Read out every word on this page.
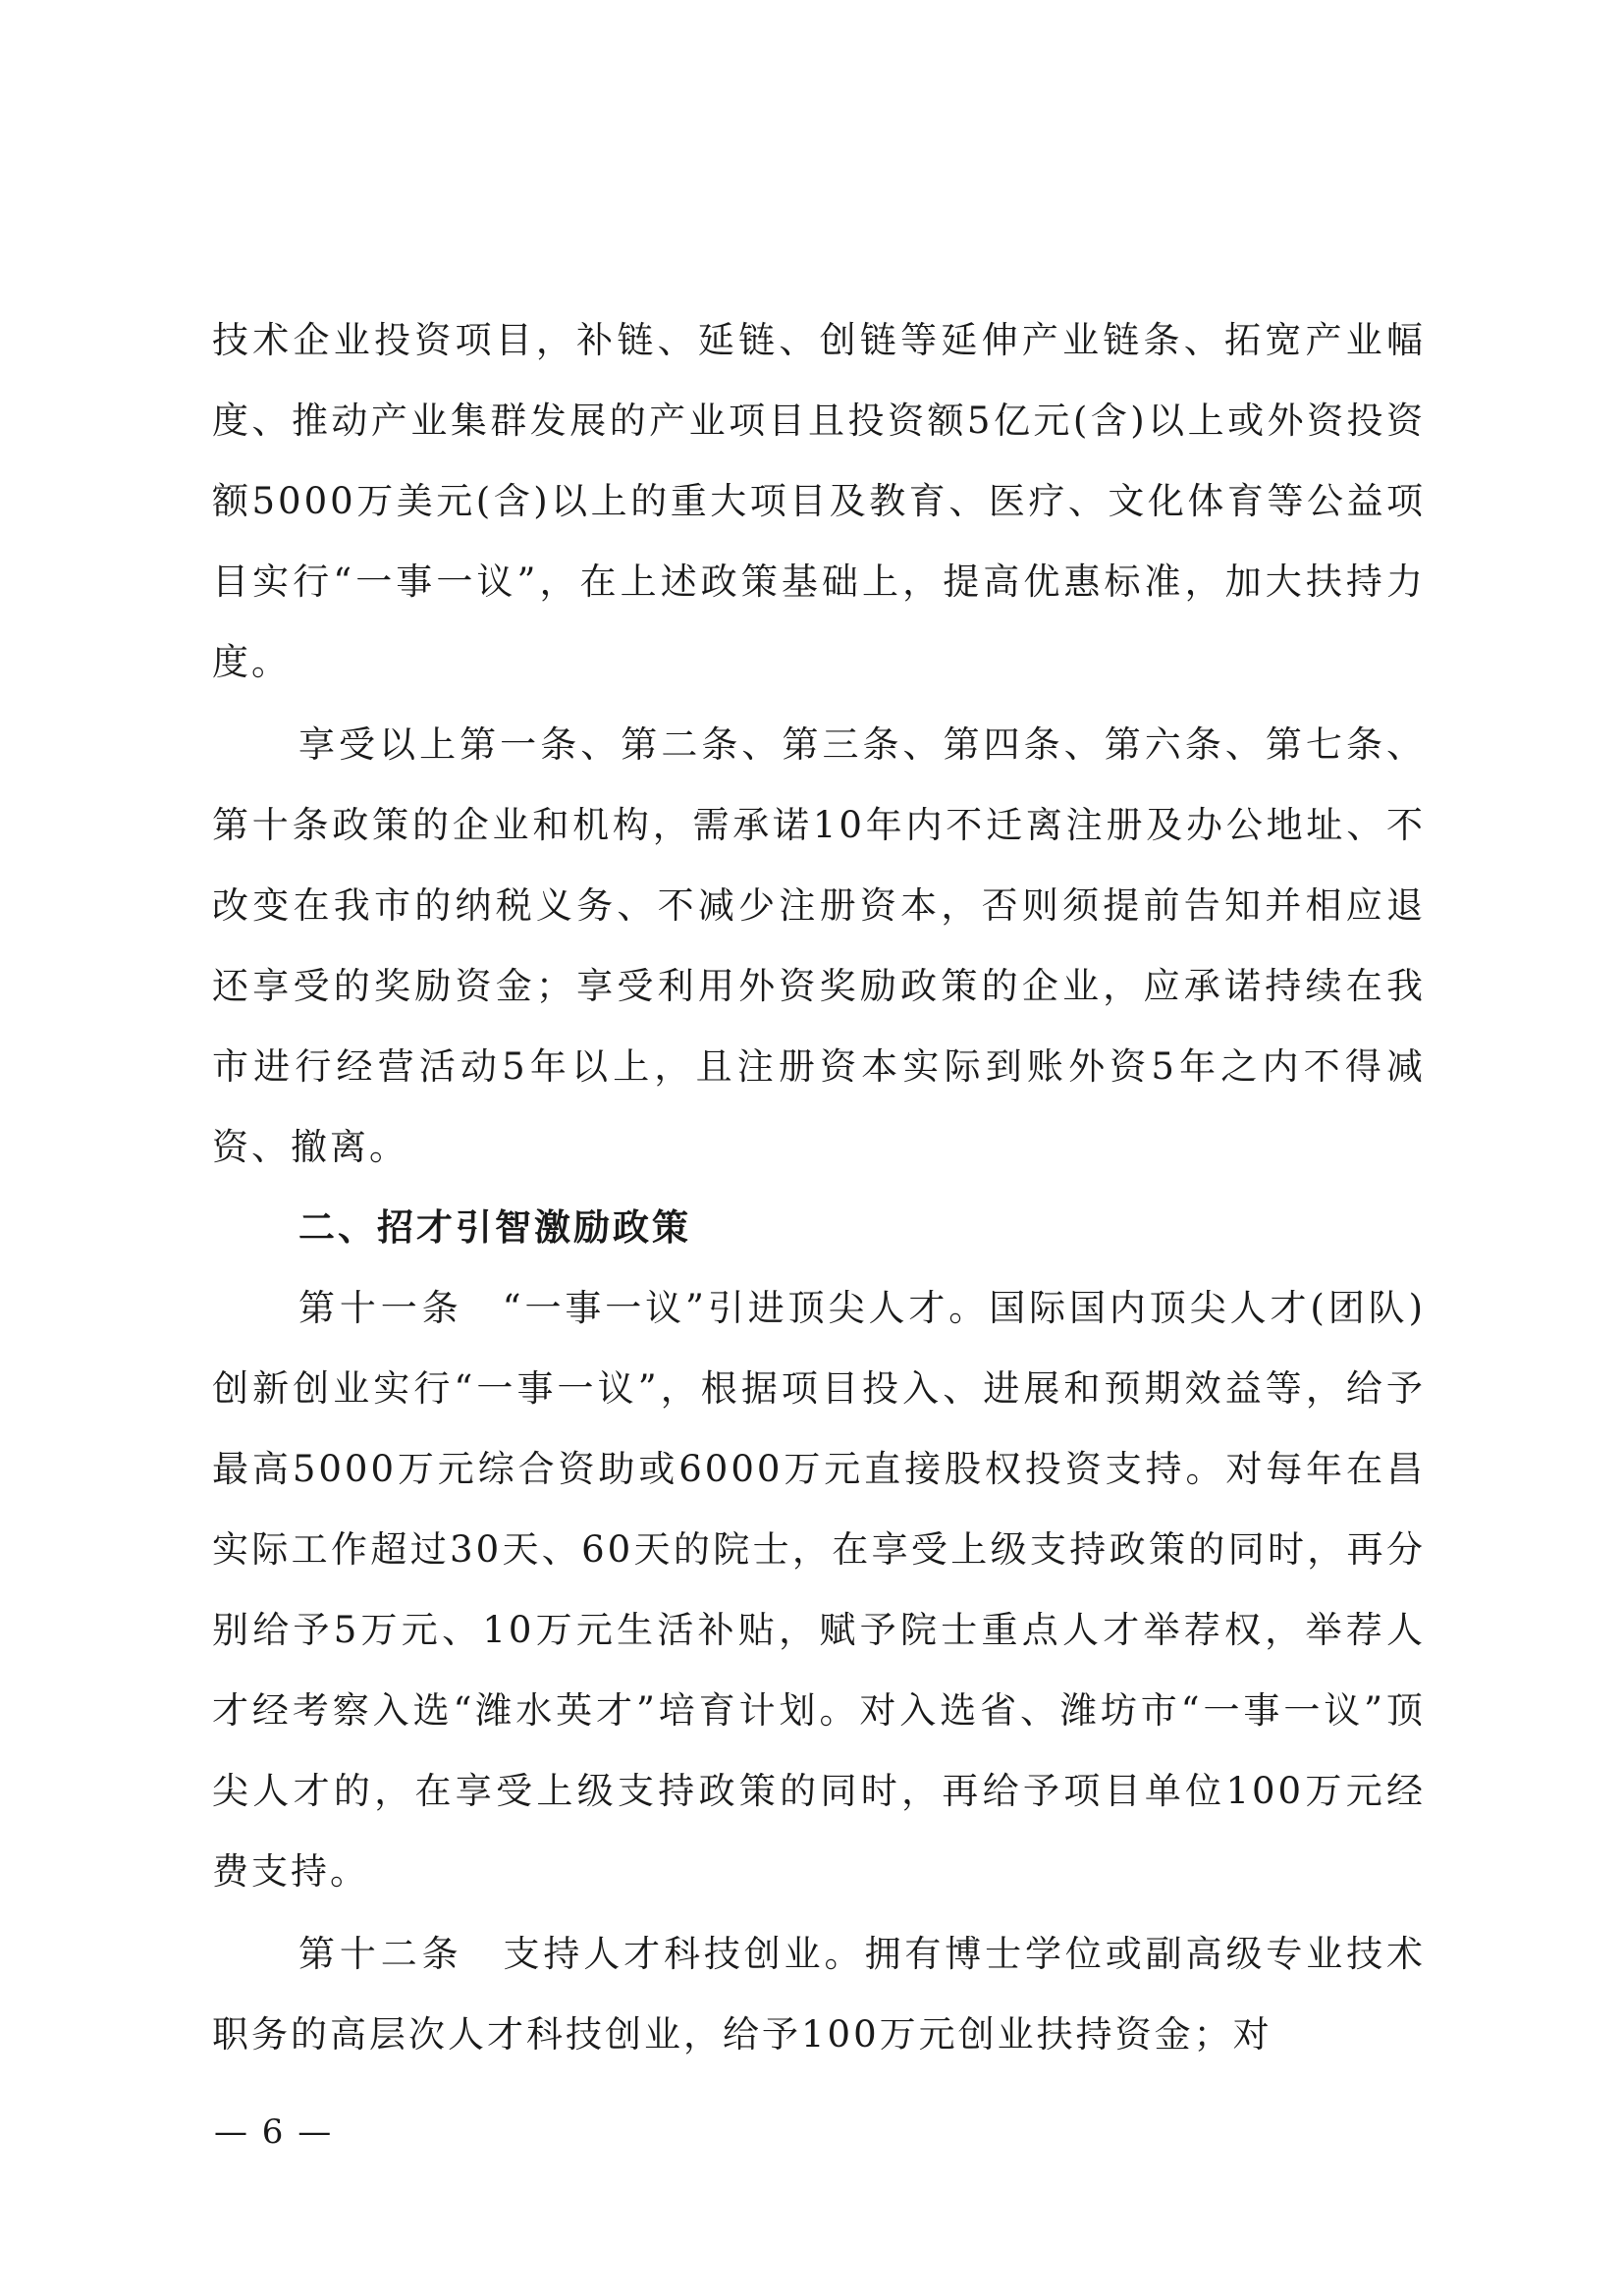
技术企业投资项目，补链、延链、创链等延伸产业链条、拓宽产业幅度、推动产业集群发展的产业项目且投资额5亿元(含)以上或外资投资额5000万美元(含)以上的重大项目及教育、医疗、文化体育等公益项目实行“一事一议”，在上述政策基础上，提高优惠标准，加大扶持力度。

享受以上第一条、第二条、第三条、第四条、第六条、第七条、第十条政策的企业和机构，需承诺10年内不迁离注册及办公地址、不改变在我市的纳税义务、不减少注册资本，否则须提前告知并相应退还享受的奖励资金；享受利用外资奖励政策的企业，应承诺持续在我市进行经营活动5年以上，且注册资本实际到账外资5年之内不得减资、撤离。

二、招才引智激励政策

第十一条 “一事一议”引进顶尖人才。国际国内顶尖人才(团队)创新创业实行“一事一议”，根据项目投入、进展和预期效益等，给予最高5000万元综合资助或6000万元直接股权投资支持。对每年在昌实际工作超过30天、60天的院士，在享受上级支持政策的同时，再分别给予5万元、10万元生活补贴，赋予院士重点人才举荐权，举荐人才经考察入选“潍水英才”培育计划。对入选省、潍坊市“一事一议”顶尖人才的，在享受上级支持政策的同时，再给予项目单位100万元经费支持。

第十二条 支持人才科技创业。拥有博士学位或副高级专业技术职务的高层次人才科技创业，给予100万元创业扶持资金；对

— 6 —
